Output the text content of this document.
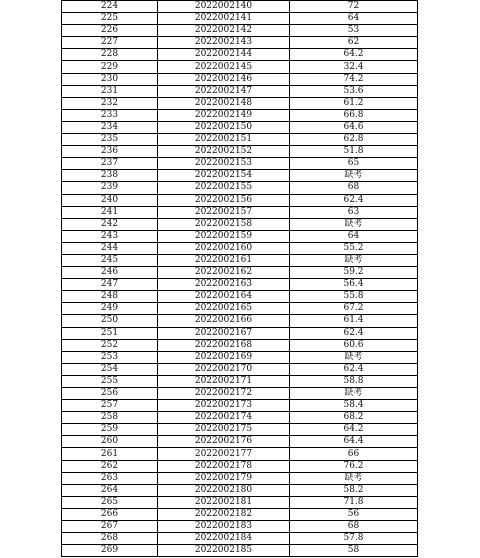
224	2022002140	72
225	2022002141	64
226	2022002142	53
227	2022002143	62
228	2022002144	64.2
229	2022002145	32.4
230	2022002146	74.2
231	2022002147	53.6
232	2022002148	61.2
233	2022002149	66.8
234	2022002150	64.6
235	2022002151	62.8
236	2022002152	51.8
237	2022002153	65
238	2022002154	缺考
239	2022002155	68
240	2022002156	62.4
241	2022002157	63
242	2022002158	缺考
243	2022002159	64
244	2022002160	55.2
245	2022002161	缺考
246	2022002162	59.2
247	2022002163	56.4
248	2022002164	55.8
249	2022002165	67.2
250	2022002166	61.4
251	2022002167	62.4
252	2022002168	60.6
253	2022002169	缺考
254	2022002170	62.4
255	2022002171	58.8
256	2022002172	缺考
257	2022002173	58.4
258	2022002174	68.2
259	2022002175	64.2
260	2022002176	64.4
261	2022002177	66
262	2022002178	76.2
263	2022002179	缺考
264	2022002180	58.2
265	2022002181	71.8
266	2022002182	56
267	2022002183	68
268	2022002184	57.8
269	2022002185	58
